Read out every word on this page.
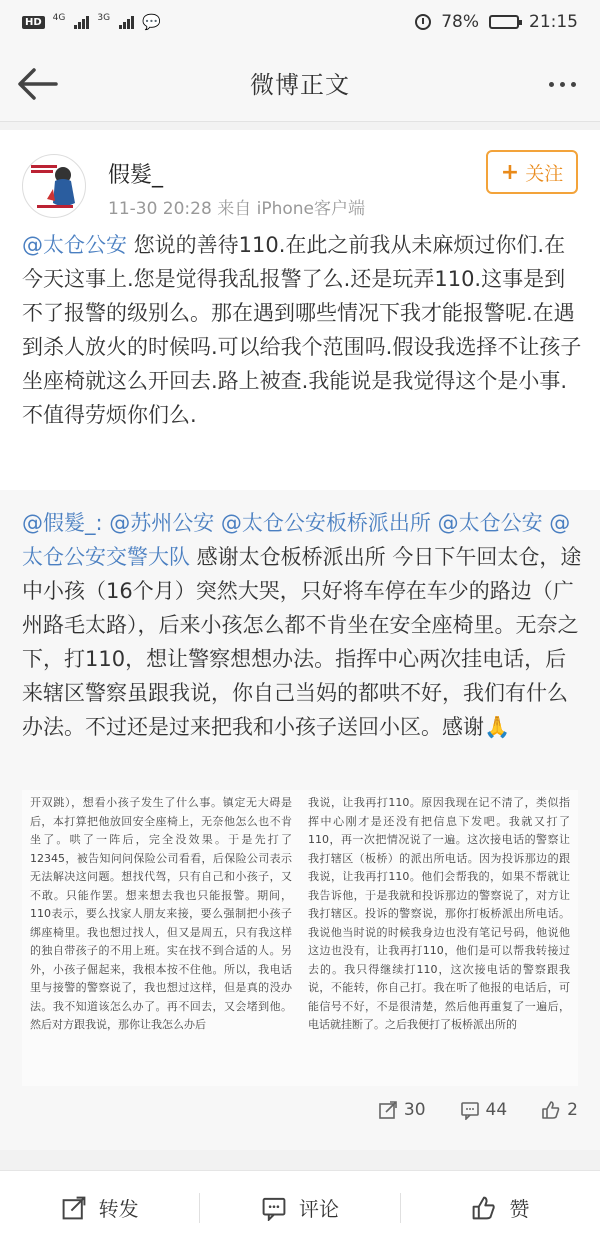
HD	4G	3G 💬	78%	21:15
微博正文
假髮_
11-30 20:28 来自 iPhone客户端
+ 关注
@太仓公安 您说的善待110.在此之前我从未麻烦过你们.在今天这事上.您是觉得我乱报警了么.还是玩弄110.这事是到不了报警的级别么。那在遇到哪些情况下我才能报警呢.在遇到杀人放火的时候吗.可以给我个范围吗.假设我选择不让孩子坐座椅就这么开回去.路上被查.我能说是我觉得这个是小事.不值得劳烦你们么.
@假髮_: @苏州公安 @太仓公安板桥派出所 @太仓公安 @太仓公安交警大队 感谢太仓板桥派出所 今日下午回太仓，途中小孩（16个月）突然大哭，只好将车停在车少的路边（广州路毛太路），后来小孩怎么都不肯坐在安全座椅里。无奈之下，打110，想让警察想想办法。指挥中心两次挂电话，后来辖区警察虽跟我说，你自己当妈的都哄不好，我们有什么办法。不过还是过来把我和小孩子送回小区。感谢🙏
开双跳），想看小孩子发生了什么事。镇定无大碍是后，本打算把他放回安全座椅上，无奈他怎么也不肯坐了。哄了一阵后，完全没效果。于是先打了12345，被告知问问保险公司看看，后保险公司表示无法解决这问题。想找代驾，只有自己和小孩子，又不敢。只能作罢。想来想去我也只能报警。期间，110表示，要么找家人朋友来接，要么强制把小孩子绑座椅里。我也想过找人，但又是周五，只有我这样的独自带孩子的不用上班。实在找不到合适的人。另外，小孩子倔起来，我根本按不住他。所以，我电话里与接警的警察说了，我也想过这样，但是真的没办法。我不知道该怎么办了。再不回去，又会堵到他。然后对方跟我说，那你让我怎么办后
我说，让我再打110。原因我现在记不清了，类似指挥中心刚才是还没有把信息下发吧。我就又打了110，再一次把情况说了一遍。这次接电话的警察让我打辖区（板桥）的派出所电话。因为投诉那边的跟我说，让我再打110。他们会帮我的，如果不帮就让我告诉他，于是我就和投诉那边的警察说了，对方让我打辖区。投诉的警察说，那你打板桥派出所电话。我说他当时说的时候我身边也没有笔记号码，他说他这边也没有，让我再打110，他们是可以帮我转接过去的。我只得继续打110，这次接电话的警察跟我说，不能转，你自己打。我在听了他报的电话后，可能信号不好，不是很清楚，然后他再重复了一遍后，电话就挂断了。之后我便打了板桥派出所的
30	44	2
转发	评论	赞
